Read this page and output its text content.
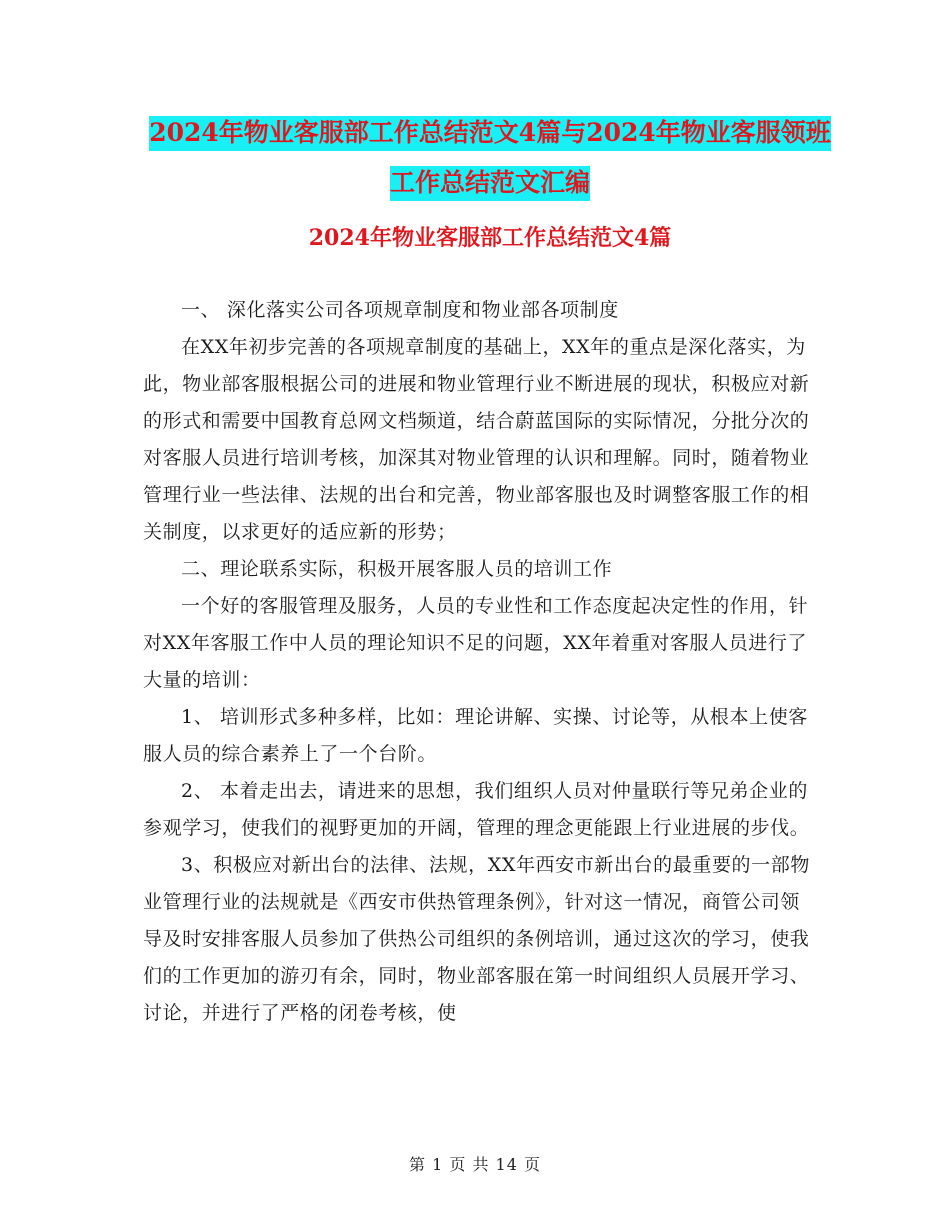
2024年物业客服部工作总结范文4篇与2024年物业客服领班工作总结范文汇编
2024年物业客服部工作总结范文4篇

一、 深化落实公司各项规章制度和物业部各项制度

在XX年初步完善的各项规章制度的基础上，XX年的重点是深化落实，为此，物业部客服根据公司的进展和物业管理行业不断进展的现状，积极应对新的形式和需要中国教育总网文档频道，结合蔚蓝国际的实际情况，分批分次的对客服人员进行培训考核，加深其对物业管理的认识和理解。同时，随着物业管理行业一些法律、法规的出台和完善，物业部客服也及时调整客服工作的相关制度，以求更好的适应新的形势；

二、理论联系实际，积极开展客服人员的培训工作

一个好的客服管理及服务，人员的专业性和工作态度起决定性的作用，针对XX年客服工作中人员的理论知识不足的问题，XX年着重对客服人员进行了大量的培训：

1、 培训形式多种多样，比如：理论讲解、实操、讨论等，从根本上使客服人员的综合素养上了一个台阶。

2、 本着走出去，请进来的思想，我们组织人员对仲量联行等兄弟企业的参观学习，使我们的视野更加的开阔，管理的理念更能跟上行业进展的步伐。

3、积极应对新出台的法律、法规，XX年西安市新出台的最重要的一部物业管理行业的法规就是《西安市供热管理条例》，针对这一情况，商管公司领导及时安排客服人员参加了供热公司组织的条例培训，通过这次的学习，使我们的工作更加的游刃有余，同时，物业部客服在第一时间组织人员展开学习、讨论，并进行了严格的闭卷考核，使

第 1 页 共 14 页
